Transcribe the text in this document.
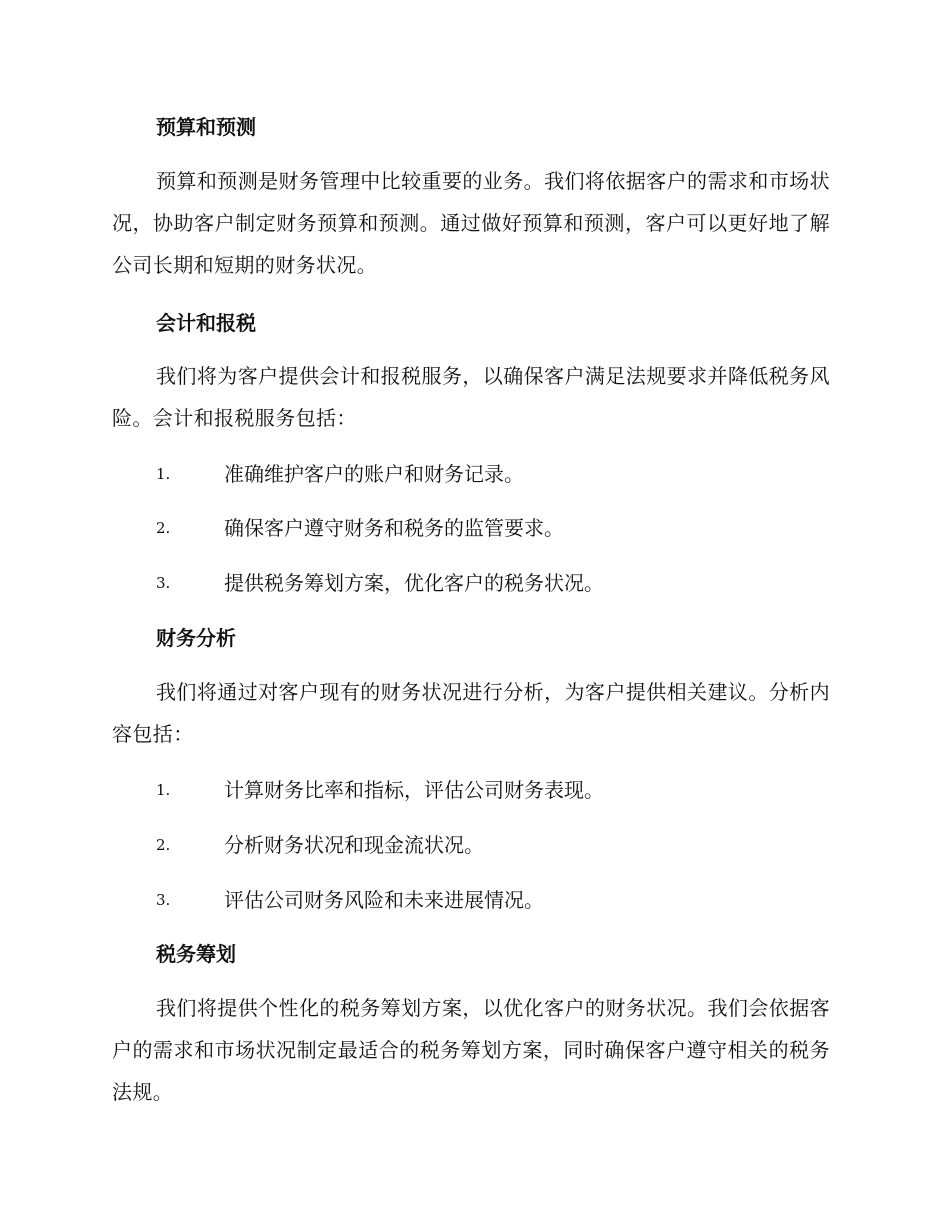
预算和预测

预算和预测是财务管理中比较重要的业务。我们将依据客户的需求和市场状况，协助客户制定财务预算和预测。通过做好预算和预测，客户可以更好地了解公司长期和短期的财务状况。

会计和报税

我们将为客户提供会计和报税服务，以确保客户满足法规要求并降低税务风险。会计和报税服务包括：

1.	准确维护客户的账户和财务记录。
2.	确保客户遵守财务和税务的监管要求。
3.	提供税务筹划方案，优化客户的税务状况。
财务分析

我们将通过对客户现有的财务状况进行分析，为客户提供相关建议。分析内容包括：

1.	计算财务比率和指标，评估公司财务表现。
2.	分析财务状况和现金流状况。
3.	评估公司财务风险和未来进展情况。
税务筹划

我们将提供个性化的税务筹划方案，以优化客户的财务状况。我们会依据客户的需求和市场状况制定最适合的税务筹划方案，同时确保客户遵守相关的税务法规。
